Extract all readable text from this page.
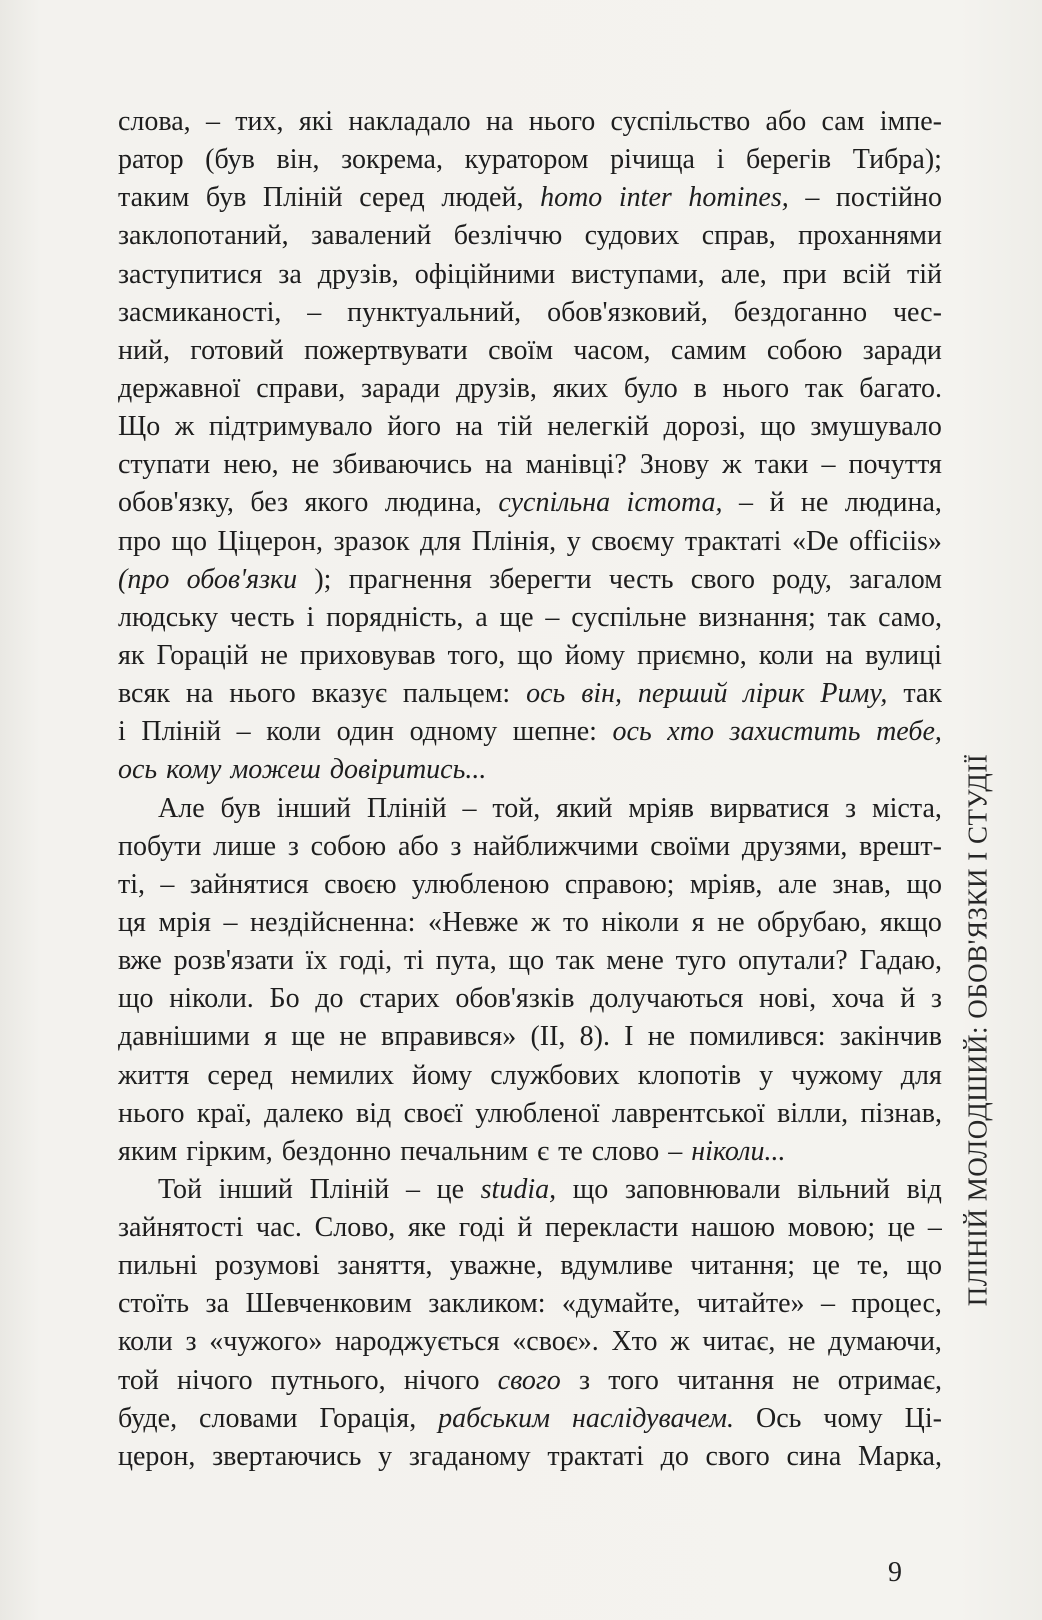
слова, – тих, які накладало на нього суспільство або сам імпе-
ратор (був він, зокрема, куратором річища і берегів Тибра);
таким був Пліній серед людей, homo inter homines, – постійно
заклопотаний, завалений безліччю судових справ, проханнями
заступитися за друзів, офіційними виступами, але, при всій тій
засмиканості, – пунктуальний, обов'язковий, бездоганно чес-
ний, готовий пожертвувати своїм часом, самим собою заради
державної справи, заради друзів, яких було в нього так багато.
Що ж підтримувало його на тій нелегкій дорозі, що змушувало
ступати нею, не збиваючись на манівці? Знову ж таки – почуття
обов'язку, без якого людина, суспільна істота, – й не людина,
про що Ціцерон, зразок для Плінія, у своєму трактаті «De officiis»
(про обов'язки ); прагнення зберегти честь свого роду, загалом
людську честь і порядність, а ще – суспільне визнання; так само,
як Горацій не приховував того, що йому приємно, коли на вулиці
всяк на нього вказує пальцем: ось він, перший лірик Риму, так
і Пліній – коли один одному шепне: ось хто захистить тебе,
ось кому можеш довіритись...
Але був інший Пліній – той, який мріяв вирватися з міста,
побути лише з собою або з найближчими своїми друзями, врешт-
ті, – зайнятися своєю улюбленою справою; мріяв, але знав, що
ця мрія – нездійсненна: «Невже ж то ніколи я не обрубаю, якщо
вже розв'язати їх годі, ті пута, що так мене туго опутали? Гадаю,
що ніколи. Бо до старих обов'язків долучаються нові, хоча й з
давнішими я ще не вправився» (II, 8). І не помилився: закінчив
життя серед немилих йому службових клопотів у чужому для
нього краї, далеко від своєї улюбленої лаврентської вілли, пізнав,
яким гірким, бездонно печальним є те слово – ніколи...
Той інший Пліній – це studia, що заповнювали вільний від
зайнятості час. Слово, яке годі й перекласти нашою мовою; це –
пильні розумові заняття, уважне, вдумливе читання; це те, що
стоїть за Шевченковим закликом: «думайте, читайте» – процес,
коли з «чужого» народжується «своє». Хто ж читає, не думаючи,
той нічого путнього, нічого свого з того читання не отримає,
буде, словами Горація, рабським наслідувачем. Ось чому Ці-
церон, звертаючись у згаданому трактаті до свого сина Марка,
ПЛІНІЙ МОЛОДШИЙ: ОБОВ'ЯЗКИ І СТУДІЇ
9
